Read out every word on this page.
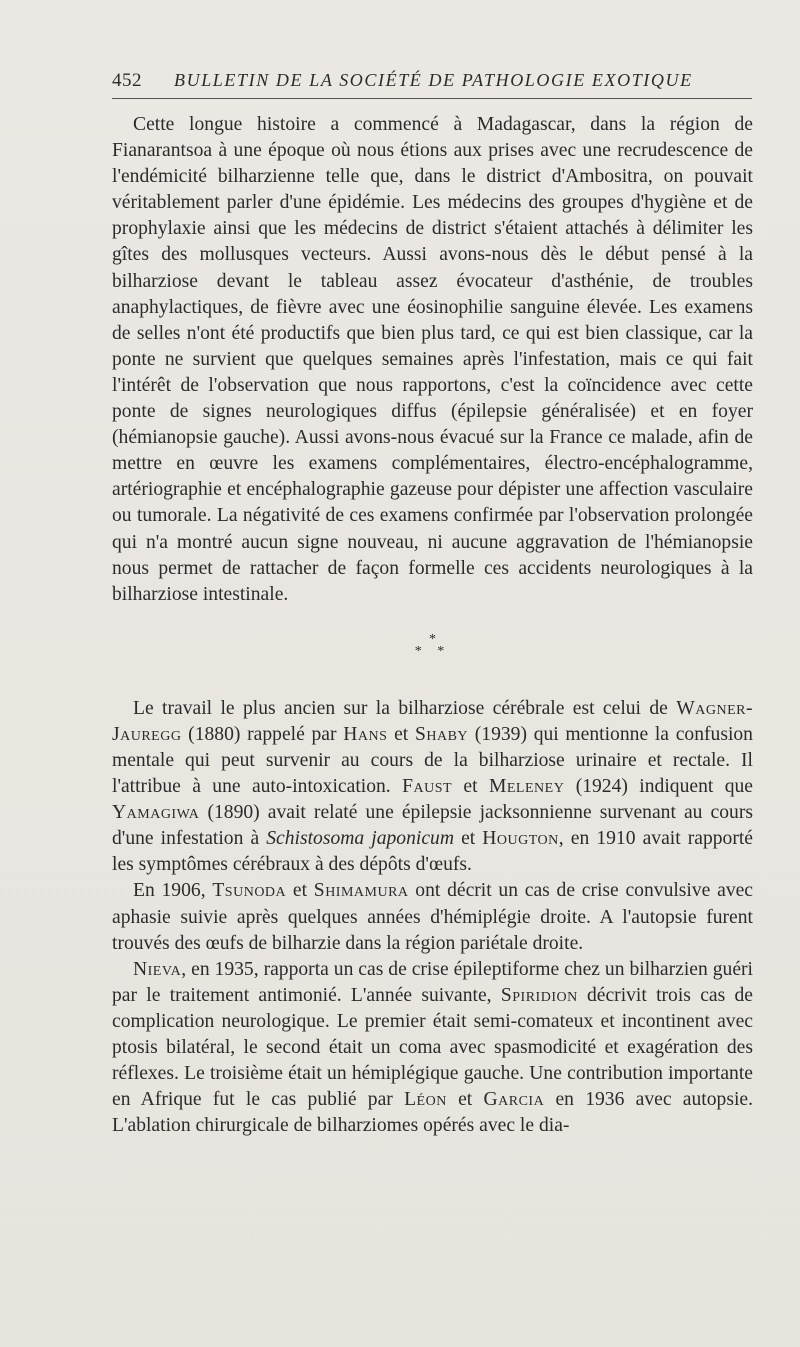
452 BULLETIN DE LA SOCIÉTÉ DE PATHOLOGIE EXOTIQUE

Cette longue histoire a commencé à Madagascar, dans la région de Fianarantsoa à une époque où nous étions aux prises avec une recrudescence de l'endémicité bilharzienne telle que, dans le district d'Ambositra, on pouvait véritablement parler d'une épidémie. Les médecins des groupes d'hygiène et de prophylaxie ainsi que les médecins de district s'étaient attachés à délimiter les gîtes des mollusques vecteurs. Aussi avons-nous dès le début pensé à la bilharziose devant le tableau assez évocateur d'asthénie, de troubles anaphylactiques, de fièvre avec une éosinophilie sanguine élevée. Les examens de selles n'ont été productifs que bien plus tard, ce qui est bien classique, car la ponte ne survient que quelques semaines après l'infestation, mais ce qui fait l'intérêt de l'observation que nous rapportons, c'est la coïncidence avec cette ponte de signes neurologiques diffus (épilepsie généralisée) et en foyer (hémianopsie gauche). Aussi avons-nous évacué sur la France ce malade, afin de mettre en œuvre les examens complémentaires, électro-encéphalogramme, artériographie et encéphalographie gazeuse pour dépister une affection vasculaire ou tumorale. La négativité de ces examens confirmée par l'observation prolongée qui n'a montré aucun signe nouveau, ni aucune aggravation de l'hémianopsie nous permet de rattacher de façon formelle ces accidents neurologiques à la bilharziose intestinale.

*
* *

Le travail le plus ancien sur la bilharziose cérébrale est celui de Wagner-Jauregg (1880) rappelé par Hans et Shaby (1939) qui mentionne la confusion mentale qui peut survenir au cours de la bilharziose urinaire et rectale. Il l'attribue à une auto-intoxication. Faust et Meleney (1924) indiquent que Yamagiwa (1890) avait relaté une épilepsie jacksonnienne survenant au cours d'une infestation à Schistosoma japonicum et Hougton, en 1910 avait rapporté les symptômes cérébraux à des dépôts d'œufs.

En 1906, Tsunoda et Shimamura ont décrit un cas de crise convulsive avec aphasie suivie après quelques années d'hémiplégie droite. A l'autopsie furent trouvés des œufs de bilharzie dans la région pariétale droite.

Nieva, en 1935, rapporta un cas de crise épileptiforme chez un bilharzien guéri par le traitement antimonié. L'année suivante, Spiridion décrivit trois cas de complication neurologique. Le premier était semi-comateux et incontinent avec ptosis bilatéral, le second était un coma avec spasmodicité et exagération des réflexes. Le troisième était un hémiplégique gauche. Une contribution importante en Afrique fut le cas publié par Léon et Garcia en 1936 avec autopsie. L'ablation chirurgicale de bilharziomes opérés avec le dia-
